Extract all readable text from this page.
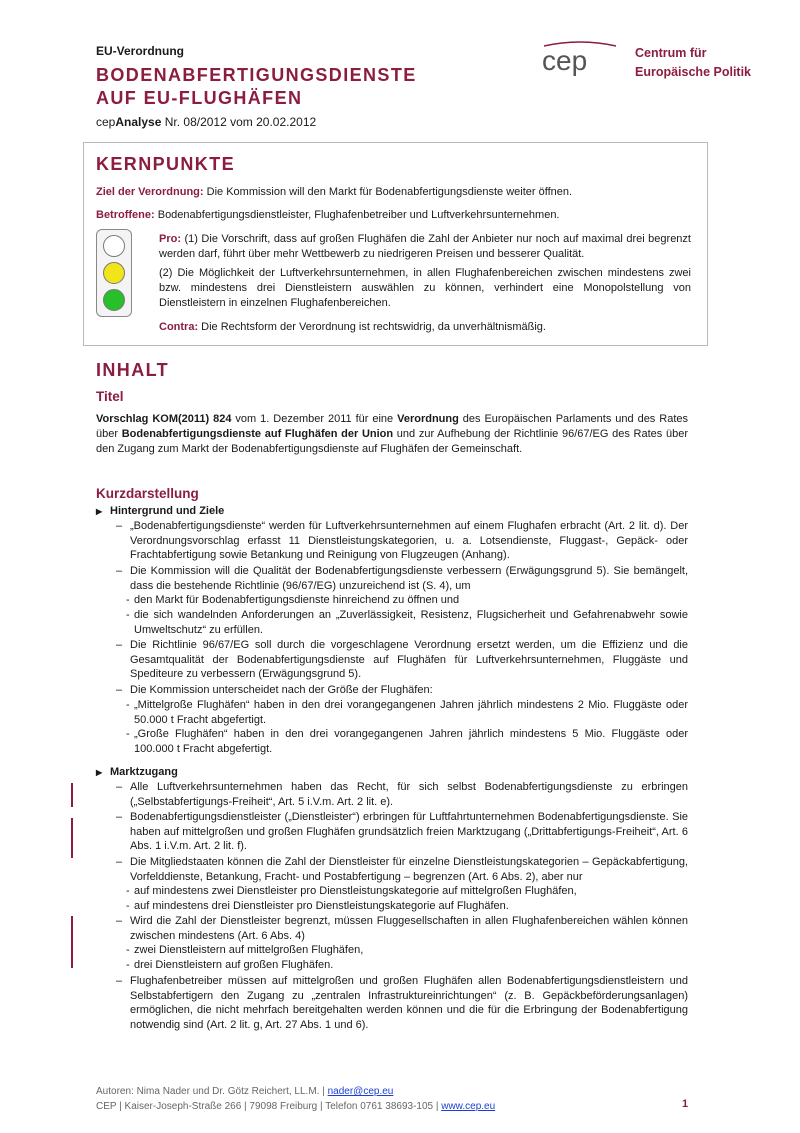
EU-Verordnung
BODENABFERTIGUNGSDIENSTE
AUF EU-FLUGHÄFEN
cepAnalyse Nr. 08/2012 vom 20.02.2012
cep	Centrum für
Europäische Politik
KERNPUNKTE
Ziel der Verordnung: Die Kommission will den Markt für Bodenabfertigungsdienste weiter öffnen.
Betroffene: Bodenabfertigungsdienstleister, Flughafenbetreiber und Luftverkehrsunternehmen.
Pro: (1) Die Vorschrift, dass auf großen Flughäfen die Zahl der Anbieter nur noch auf maximal drei begrenzt werden darf, führt über mehr Wettbewerb zu niedrigeren Preisen und besserer Qualität.
(2) Die Möglichkeit der Luftverkehrsunternehmen, in allen Flughafenbereichen zwischen mindestens zwei bzw. mindestens drei Dienstleistern auswählen zu können, verhindert eine Monopolstellung von Dienstleistern in einzelnen Flughafenbereichen.
Contra: Die Rechtsform der Verordnung ist rechtswidrig, da unverhältnismäßig.
INHALT
Titel
Vorschlag KOM(2011) 824 vom 1. Dezember 2011 für eine Verordnung des Europäischen Parlaments und des Rates über Bodenabfertigungsdienste auf Flughäfen der Union und zur Aufhebung der Richtlinie 96/67/EG des Rates über den Zugang zum Markt der Bodenabfertigungsdienste auf Flughäfen der Gemeinschaft.
Kurzdarstellung
▶ Hintergrund und Ziele
– „Bodenabfertigungsdienste“ werden für Luftverkehrsunternehmen auf einem Flughafen erbracht (Art. 2 lit. d). Der Verordnungsvorschlag erfasst 11 Dienstleistungskategorien, u. a. Lotsendienste, Fluggast-, Gepäck- oder Frachtabfertigung sowie Betankung und Reinigung von Flugzeugen (Anhang).
– Die Kommission will die Qualität der Bodenabfertigungsdienste verbessern (Erwägungsgrund 5). Sie bemängelt, dass die bestehende Richtlinie (96/67/EG) unzureichend ist (S. 4), um
- den Markt für Bodenabfertigungsdienste hinreichend zu öffnen und
- die sich wandelnden Anforderungen an „Zuverlässigkeit, Resistenz, Flugsicherheit und Gefahrenabwehr sowie Umweltschutz“ zu erfüllen.
– Die Richtlinie 96/67/EG soll durch die vorgeschlagene Verordnung ersetzt werden, um die Effizienz und die Gesamtqualität der Bodenabfertigungsdienste auf Flughäfen für Luftverkehrsunternehmen, Fluggäste und Spediteure zu verbessern (Erwägungsgrund 5).
– Die Kommission unterscheidet nach der Größe der Flughäfen:
- „Mittelgroße Flughäfen“ haben in den drei vorangegangenen Jahren jährlich mindestens 2 Mio. Fluggäste oder 50.000 t Fracht abgefertigt.
- „Große Flughäfen“ haben in den drei vorangegangenen Jahren jährlich mindestens 5 Mio. Fluggäste oder 100.000 t Fracht abgefertigt.
▶ Marktzugang
– Alle Luftverkehrsunternehmen haben das Recht, für sich selbst Bodenabfertigungsdienste zu erbringen („Selbstabfertigungs-Freiheit“, Art. 5 i.V.m. Art. 2 lit. e).
– Bodenabfertigungsdienstleister („Dienstleister“) erbringen für Luftfahrtunternehmen Bodenabfertigungsdienste. Sie haben auf mittelgroßen und großen Flughäfen grundsätzlich freien Marktzugang („Drittabfertigungs-Freiheit“, Art. 6 Abs. 1 i.V.m. Art. 2 lit. f).
– Die Mitgliedstaaten können die Zahl der Dienstleister für einzelne Dienstleistungskategorien – Gepäckabfertigung, Vorfelddienste, Betankung, Fracht- und Postabfertigung – begrenzen (Art. 6 Abs. 2), aber nur
- auf mindestens zwei Dienstleister pro Dienstleistungskategorie auf mittelgroßen Flughäfen,
- auf mindestens drei Dienstleister pro Dienstleistungskategorie auf Flughäfen.
– Wird die Zahl der Dienstleister begrenzt, müssen Fluggesellschaften in allen Flughafenbereichen wählen können zwischen mindestens (Art. 6 Abs. 4)
- zwei Dienstleistern auf mittelgroßen Flughäfen,
- drei Dienstleistern auf großen Flughäfen.
– Flughafenbetreiber müssen auf mittelgroßen und großen Flughäfen allen Bodenabfertigungsdienstleistern und Selbstabfertigern den Zugang zu „zentralen Infrastruktureinrichtungen“ (z. B. Gepäckbeförderungsanlagen) ermöglichen, die nicht mehrfach bereitgehalten werden können und die für die Erbringung der Bodenabfertigung notwendig sind (Art. 2 lit. g, Art. 27 Abs. 1 und 6).
Autoren: Nima Nader und Dr. Götz Reichert, LL.M. | nader@cep.eu
CEP | Kaiser-Joseph-Straße 266 | 79098 Freiburg | Telefon 0761 38693-105 | www.cep.eu	1
